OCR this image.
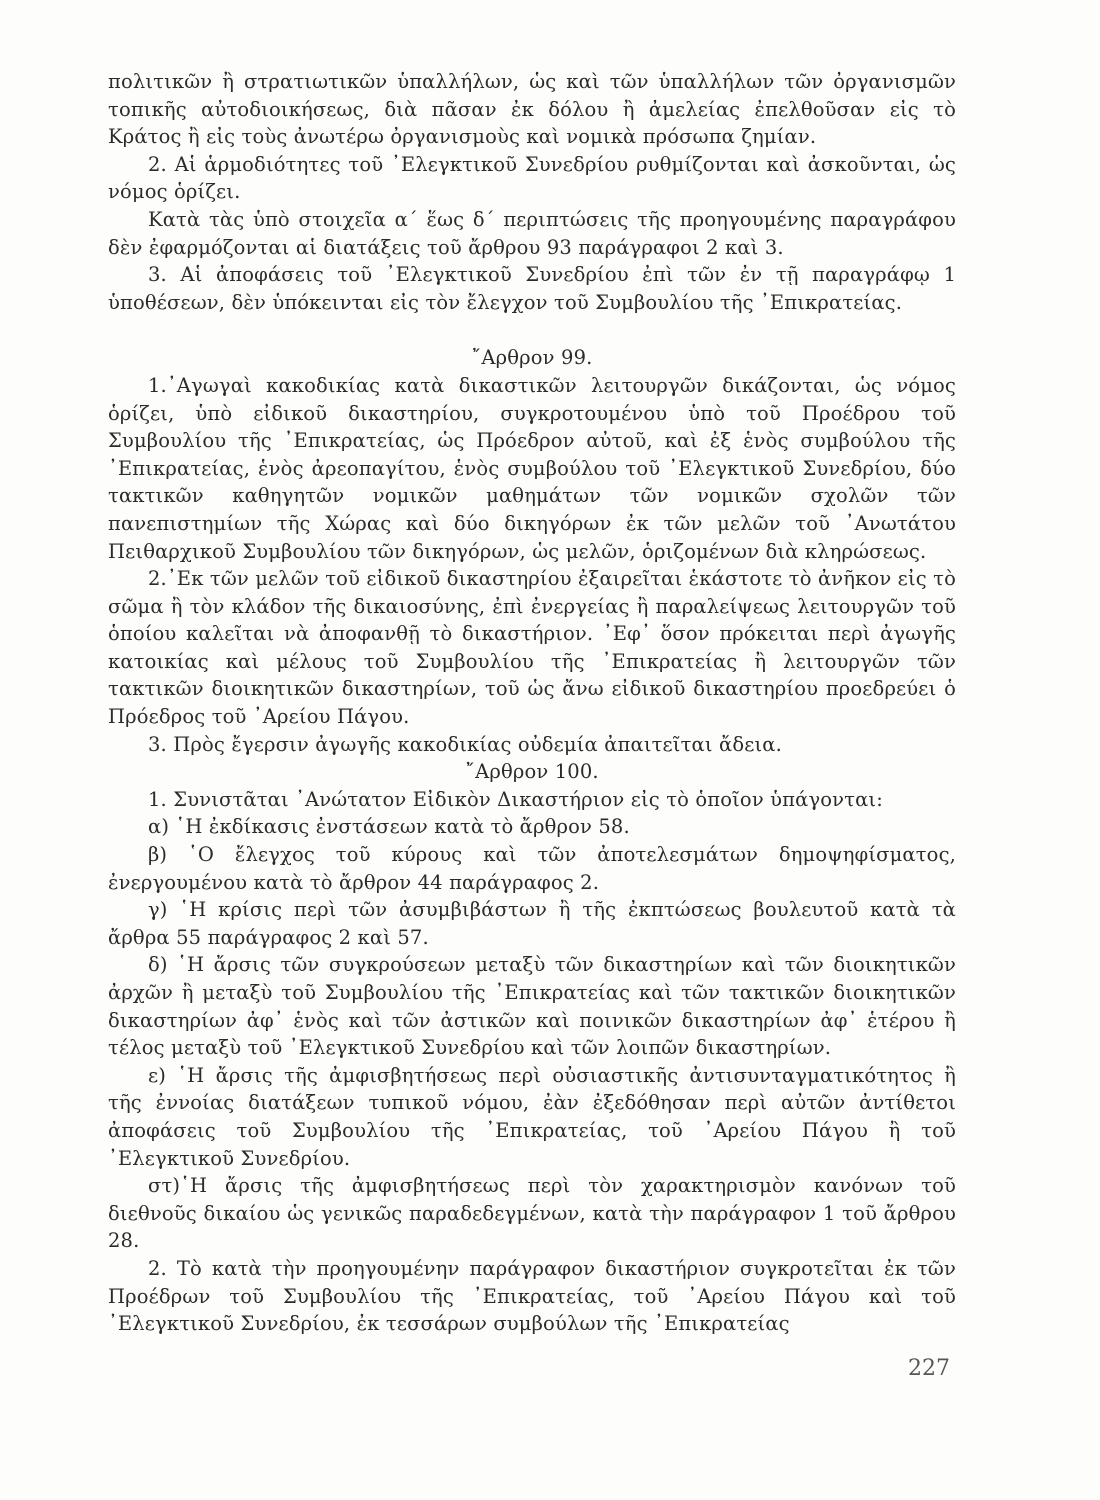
πολιτικῶν ἢ στρατιωτικῶν ὑπαλλήλων, ὡς καὶ τῶν ὑπαλλήλων τῶν ὀργανισμῶν τοπικῆς αὐτοδιοικήσεως, διὰ πᾶσαν ἐκ δόλου ἢ ἀμελείας ἐπελθοῦσαν εἰς τὸ Κράτος ἢ εἰς τοὺς ἀνωτέρω ὀργανισμοὺς καὶ νομικὰ πρόσωπα ζημίαν.

2. Αἱ ἁρμοδιότητες τοῦ ᾿Ελεγκτικοῦ Συνεδρίου ρυθμίζονται καὶ ἀσκοῦνται, ὡς νόμος ὁρίζει.

Κατὰ τὰς ὑπὸ στοιχεῖα α΄ ἕως δ΄ περιπτώσεις τῆς προηγουμένης παραγράφου δὲν ἐφαρμόζονται αἱ διατάξεις τοῦ ἄρθρου 93 παράγραφοι 2 καὶ 3.

3. Αἱ ἀποφάσεις τοῦ ᾿Ελεγκτικοῦ Συνεδρίου ἐπὶ τῶν ἐν τῇ παραγράφῳ 1 ὑποθέσεων, δὲν ὑπόκεινται εἰς τὸν ἔλεγχον τοῦ Συμβουλίου τῆς ᾿Επικρατείας.

῎Αρθρον 99.

1.᾿Αγωγαὶ κακοδικίας κατὰ δικαστικῶν λειτουργῶν δικάζονται, ὡς νόμος ὁρίζει, ὑπὸ εἰδικοῦ δικαστηρίου, συγκροτουμένου ὑπὸ τοῦ Προέδρου τοῦ Συμβουλίου τῆς ᾿Επικρατείας, ὡς Πρόεδρον αὐτοῦ, καὶ ἐξ ἑνὸς συμβούλου τῆς ᾿Επικρατείας, ἑνὸς ἀρεοπαγίτου, ἑνὸς συμβούλου τοῦ ᾿Ελεγκτικοῦ Συνεδρίου, δύο τακτικῶν καθηγητῶν νομικῶν μαθημάτων τῶν νομικῶν σχολῶν τῶν πανεπιστημίων τῆς Χώρας καὶ δύο δικηγόρων ἐκ τῶν μελῶν τοῦ ᾿Ανωτάτου Πειθαρχικοῦ Συμβουλίου τῶν δικηγόρων, ὡς μελῶν, ὁριζομένων διὰ κληρώσεως.

2.᾿Εκ τῶν μελῶν τοῦ εἰδικοῦ δικαστηρίου ἐξαιρεῖται ἑκάστοτε τὸ ἀνῆκον εἰς τὸ σῶμα ἢ τὸν κλάδον τῆς δικαιοσύνης, ἐπὶ ἐνεργείας ἢ παραλείψεως λειτουργῶν τοῦ ὁποίου καλεῖται νὰ ἀποφανθῇ τὸ δικαστήριον. ᾿Εφ᾿ ὅσον πρόκειται περὶ ἀγωγῆς κατοικίας καὶ μέλους τοῦ Συμβουλίου τῆς ᾿Επικρατείας ἢ λειτουργῶν τῶν τακτικῶν διοικητικῶν δικαστηρίων, τοῦ ὡς ἄνω εἰδικοῦ δικαστηρίου προεδρεύει ὁ Πρόεδρος τοῦ ᾿Αρείου Πάγου.

3. Πρὸς ἔγερσιν ἀγωγῆς κακοδικίας οὐδεμία ἀπαιτεῖται ἄδεια.

῎Αρθρον 100.

1. Συνιστᾶται ᾿Ανώτατον Εἰδικὸν Δικαστήριον εἰς τὸ ὁποῖον ὑπάγονται:

α) ῾Η ἐκδίκασις ἐνστάσεων κατὰ τὸ ἄρθρον 58.

β) ῾Ο ἔλεγχος τοῦ κύρους καὶ τῶν ἀποτελεσμάτων δημοψηφίσματος, ἐνεργουμένου κατὰ τὸ ἄρθρον 44 παράγραφος 2.

γ) ῾Η κρίσις περὶ τῶν ἀσυμβιβάστων ἢ τῆς ἐκπτώσεως βουλευτοῦ κατὰ τὰ ἄρθρα 55 παράγραφος 2 καὶ 57.

δ) ῾Η ἄρσις τῶν συγκρούσεων μεταξὺ τῶν δικαστηρίων καὶ τῶν διοικητικῶν ἀρχῶν ἢ μεταξὺ τοῦ Συμβουλίου τῆς ᾿Επικρατείας καὶ τῶν τακτικῶν διοικητικῶν δικαστηρίων ἀφ᾿ ἑνὸς καὶ τῶν ἀστικῶν καὶ ποινικῶν δικαστηρίων ἀφ᾿ ἑτέρου ἢ τέλος μεταξὺ τοῦ ᾿Ελεγκτικοῦ Συνεδρίου καὶ τῶν λοιπῶν δικαστηρίων.

ε) ῾Η ἄρσις τῆς ἀμφισβητήσεως περὶ οὐσιαστικῆς ἀντισυνταγματικότητος ἢ τῆς ἐννοίας διατάξεων τυπικοῦ νόμου, ἐὰν ἐξεδόθησαν περὶ αὐτῶν ἀντίθετοι ἀποφάσεις τοῦ Συμβουλίου τῆς ᾿Επικρατείας, τοῦ ᾿Αρείου Πάγου ἢ τοῦ ᾿Ελεγκτικοῦ Συνεδρίου.

στ)῾Η ἄρσις τῆς ἀμφισβητήσεως περὶ τὸν χαρακτηρισμὸν κανόνων τοῦ διεθνοῦς δικαίου ὡς γενικῶς παραδεδεγμένων, κατὰ τὴν παράγραφον 1 τοῦ ἄρθρου 28.

2. Τὸ κατὰ τὴν προηγουμένην παράγραφον δικαστήριον συγκροτεῖται ἐκ τῶν Προέδρων τοῦ Συμβουλίου τῆς ᾿Επικρατείας, τοῦ ᾿Αρείου Πάγου καὶ τοῦ ᾿Ελεγκτικοῦ Συνεδρίου, ἐκ τεσσάρων συμβούλων τῆς ᾿Επικρατείας

227
